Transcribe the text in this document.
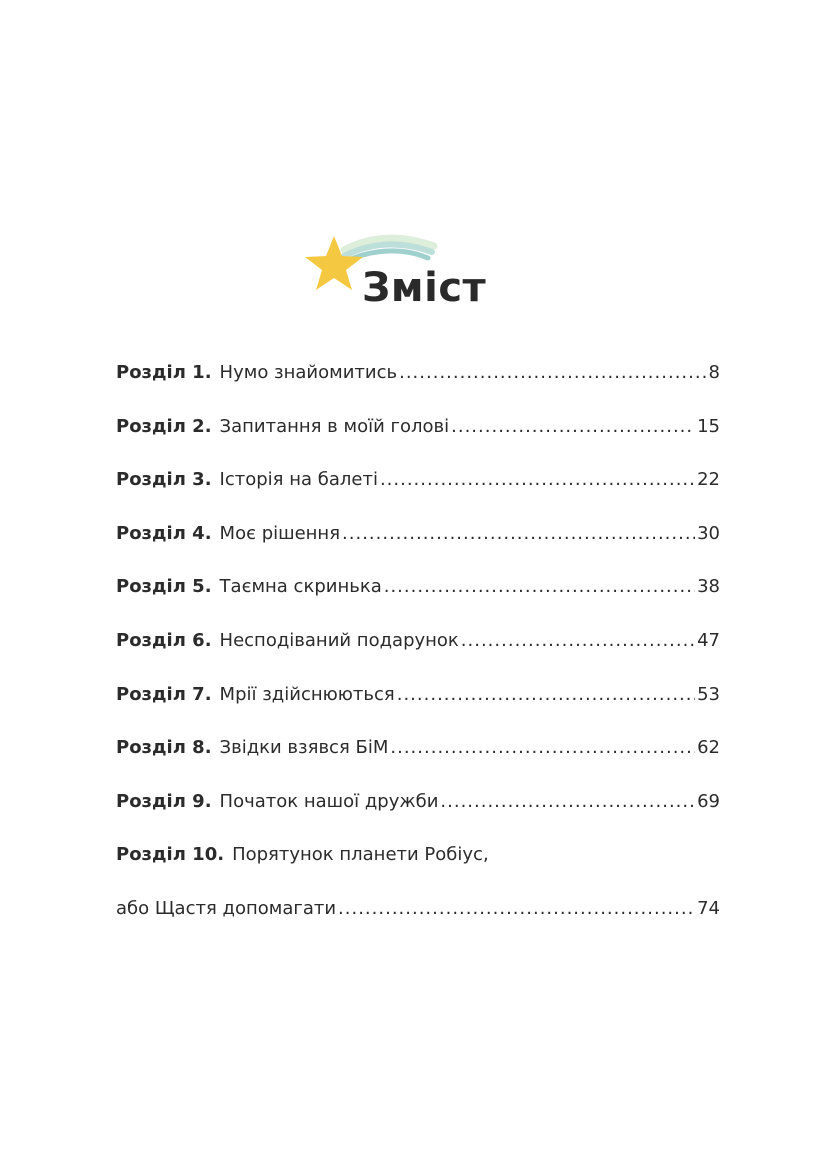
Зміст
Розділ 1. Нумо знайомитись .....	8
Розділ 2. Запитання в моїй голові .....	15
Розділ 3. Історія на балеті .....	22
Розділ 4. Моє рішення .....	30
Розділ 5. Таємна скринька .....	38
Розділ 6. Несподіваний подарунок .....	47
Розділ 7. Мрії здійснюються .....	53
Розділ 8. Звідки взявся БіМ .....	62
Розділ 9. Початок нашої дружби .....	69
Розділ 10. Порятунок планети Робіус,
або Щастя допомагати .....	74
